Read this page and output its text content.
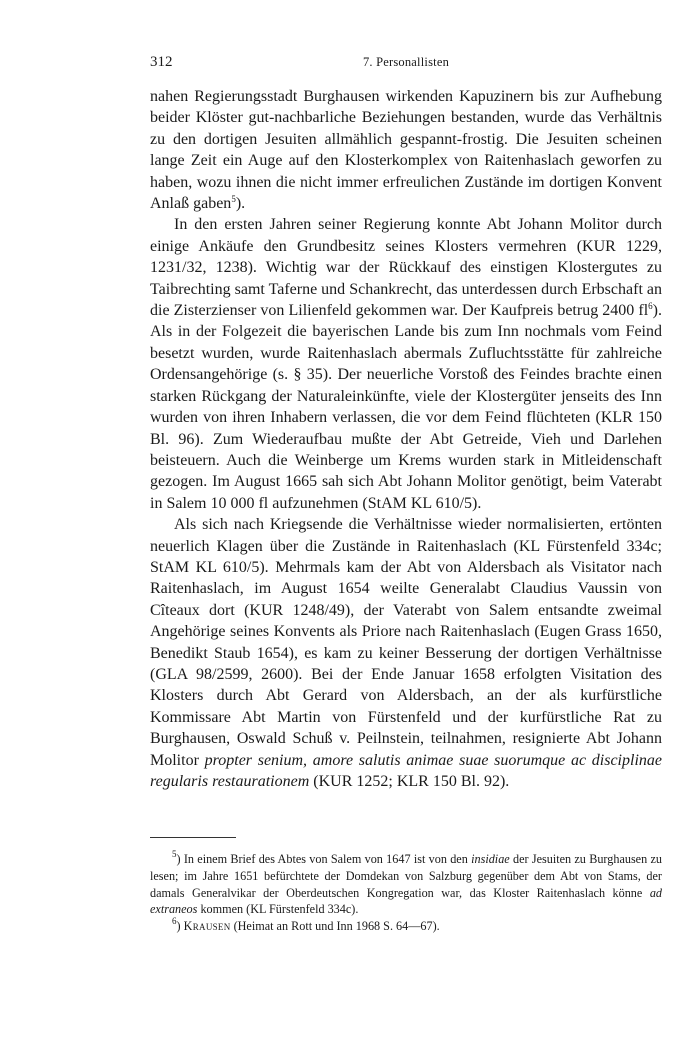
312	7. Personallisten

nahen Regierungsstadt Burghausen wirkenden Kapuzinern bis zur Aufhebung beider Klöster gut-nachbarliche Beziehungen bestanden, wurde das Verhältnis zu den dortigen Jesuiten allmählich gespannt-frostig. Die Jesuiten scheinen lange Zeit ein Auge auf den Klosterkomplex von Raitenhaslach geworfen zu haben, wozu ihnen die nicht immer erfreulichen Zustände im dortigen Konvent Anlaß gaben$^5$).

In den ersten Jahren seiner Regierung konnte Abt Johann Molitor durch einige Ankäufe den Grundbesitz seines Klosters vermehren (KUR 1229, 1231/32, 1238). Wichtig war der Rückkauf des einstigen Klostergutes zu Taibrechting samt Taferne und Schankrecht, das unterdessen durch Erbschaft an die Zisterzienser von Lilienfeld gekommen war. Der Kaufpreis betrug 2400 $fl^6$). Als in der Folgezeit die bayerischen Lande bis zum Inn nochmals vom Feind besetzt wurden, wurde Raitenhaslach abermals Zufluchtsstätte für zahlreiche Ordensangehörige (s. § 35). Der neuerliche Vorstoß des Feindes brachte einen starken Rückgang der Naturaleinkünfte, viele der Klostergüter jenseits des Inn wurden von ihren Inhabern verlassen, die vor dem Feind flüchteten (KLR 150 Bl. 96). Zum Wiederaufbau mußte der Abt Getreide, Vieh und Darlehen beisteuern. Auch die Weinberge um Krems wurden stark in Mitleidenschaft gezogen. Im August 1665 sah sich Abt Johann Molitor genötigt, beim Vaterabt in Salem 10 000 fl aufzunehmen (StAM KL 610/5).

Als sich nach Kriegsende die Verhältnisse wieder normalisierten, ertönten neuerlich Klagen über die Zustände in Raitenhaslach (KL Fürstenfeld 334c; StAM KL 610/5). Mehrmals kam der Abt von Aldersbach als Visitator nach Raitenhaslach, im August 1654 weilte Generalabt Claudius Vaussin von Cîteaux dort (KUR 1248/49), der Vaterabt von Salem entsandte zweimal Angehörige seines Konvents als Priore nach Raitenhaslach (Eugen Grass 1650, Benedikt Staub 1654), es kam zu keiner Besserung der dortigen Verhältnisse (GLA 98/2599, 2600). Bei der Ende Januar 1658 erfolgten Visitation des Klosters durch Abt Gerard von Aldersbach, an der als kurfürstliche Kommissare Abt Martin von Fürstenfeld und der kurfürstliche Rat zu Burghausen, Oswald Schuß v. Peilnstein, teilnahmen, resignierte Abt Johann Molitor propter senium, amore salutis animae suae suorumque ac disciplinae regularis restaurationem (KUR 1252; KLR 150 Bl. 92).

$^5$) In einem Brief des Abtes von Salem von 1647 ist von den insidiae der Jesuiten zu Burghausen zu lesen; im Jahre 1651 befürchtete der Domdekan von Salzburg gegenüber dem Abt von Stams, der damals Generalvikar der Oberdeutschen Kongregation war, das Kloster Raitenhaslach könne ad extraneos kommen (KL Fürstenfeld 334c).

$^6$) Krausen (Heimat an Rott und Inn 1968 S. 64—67).
